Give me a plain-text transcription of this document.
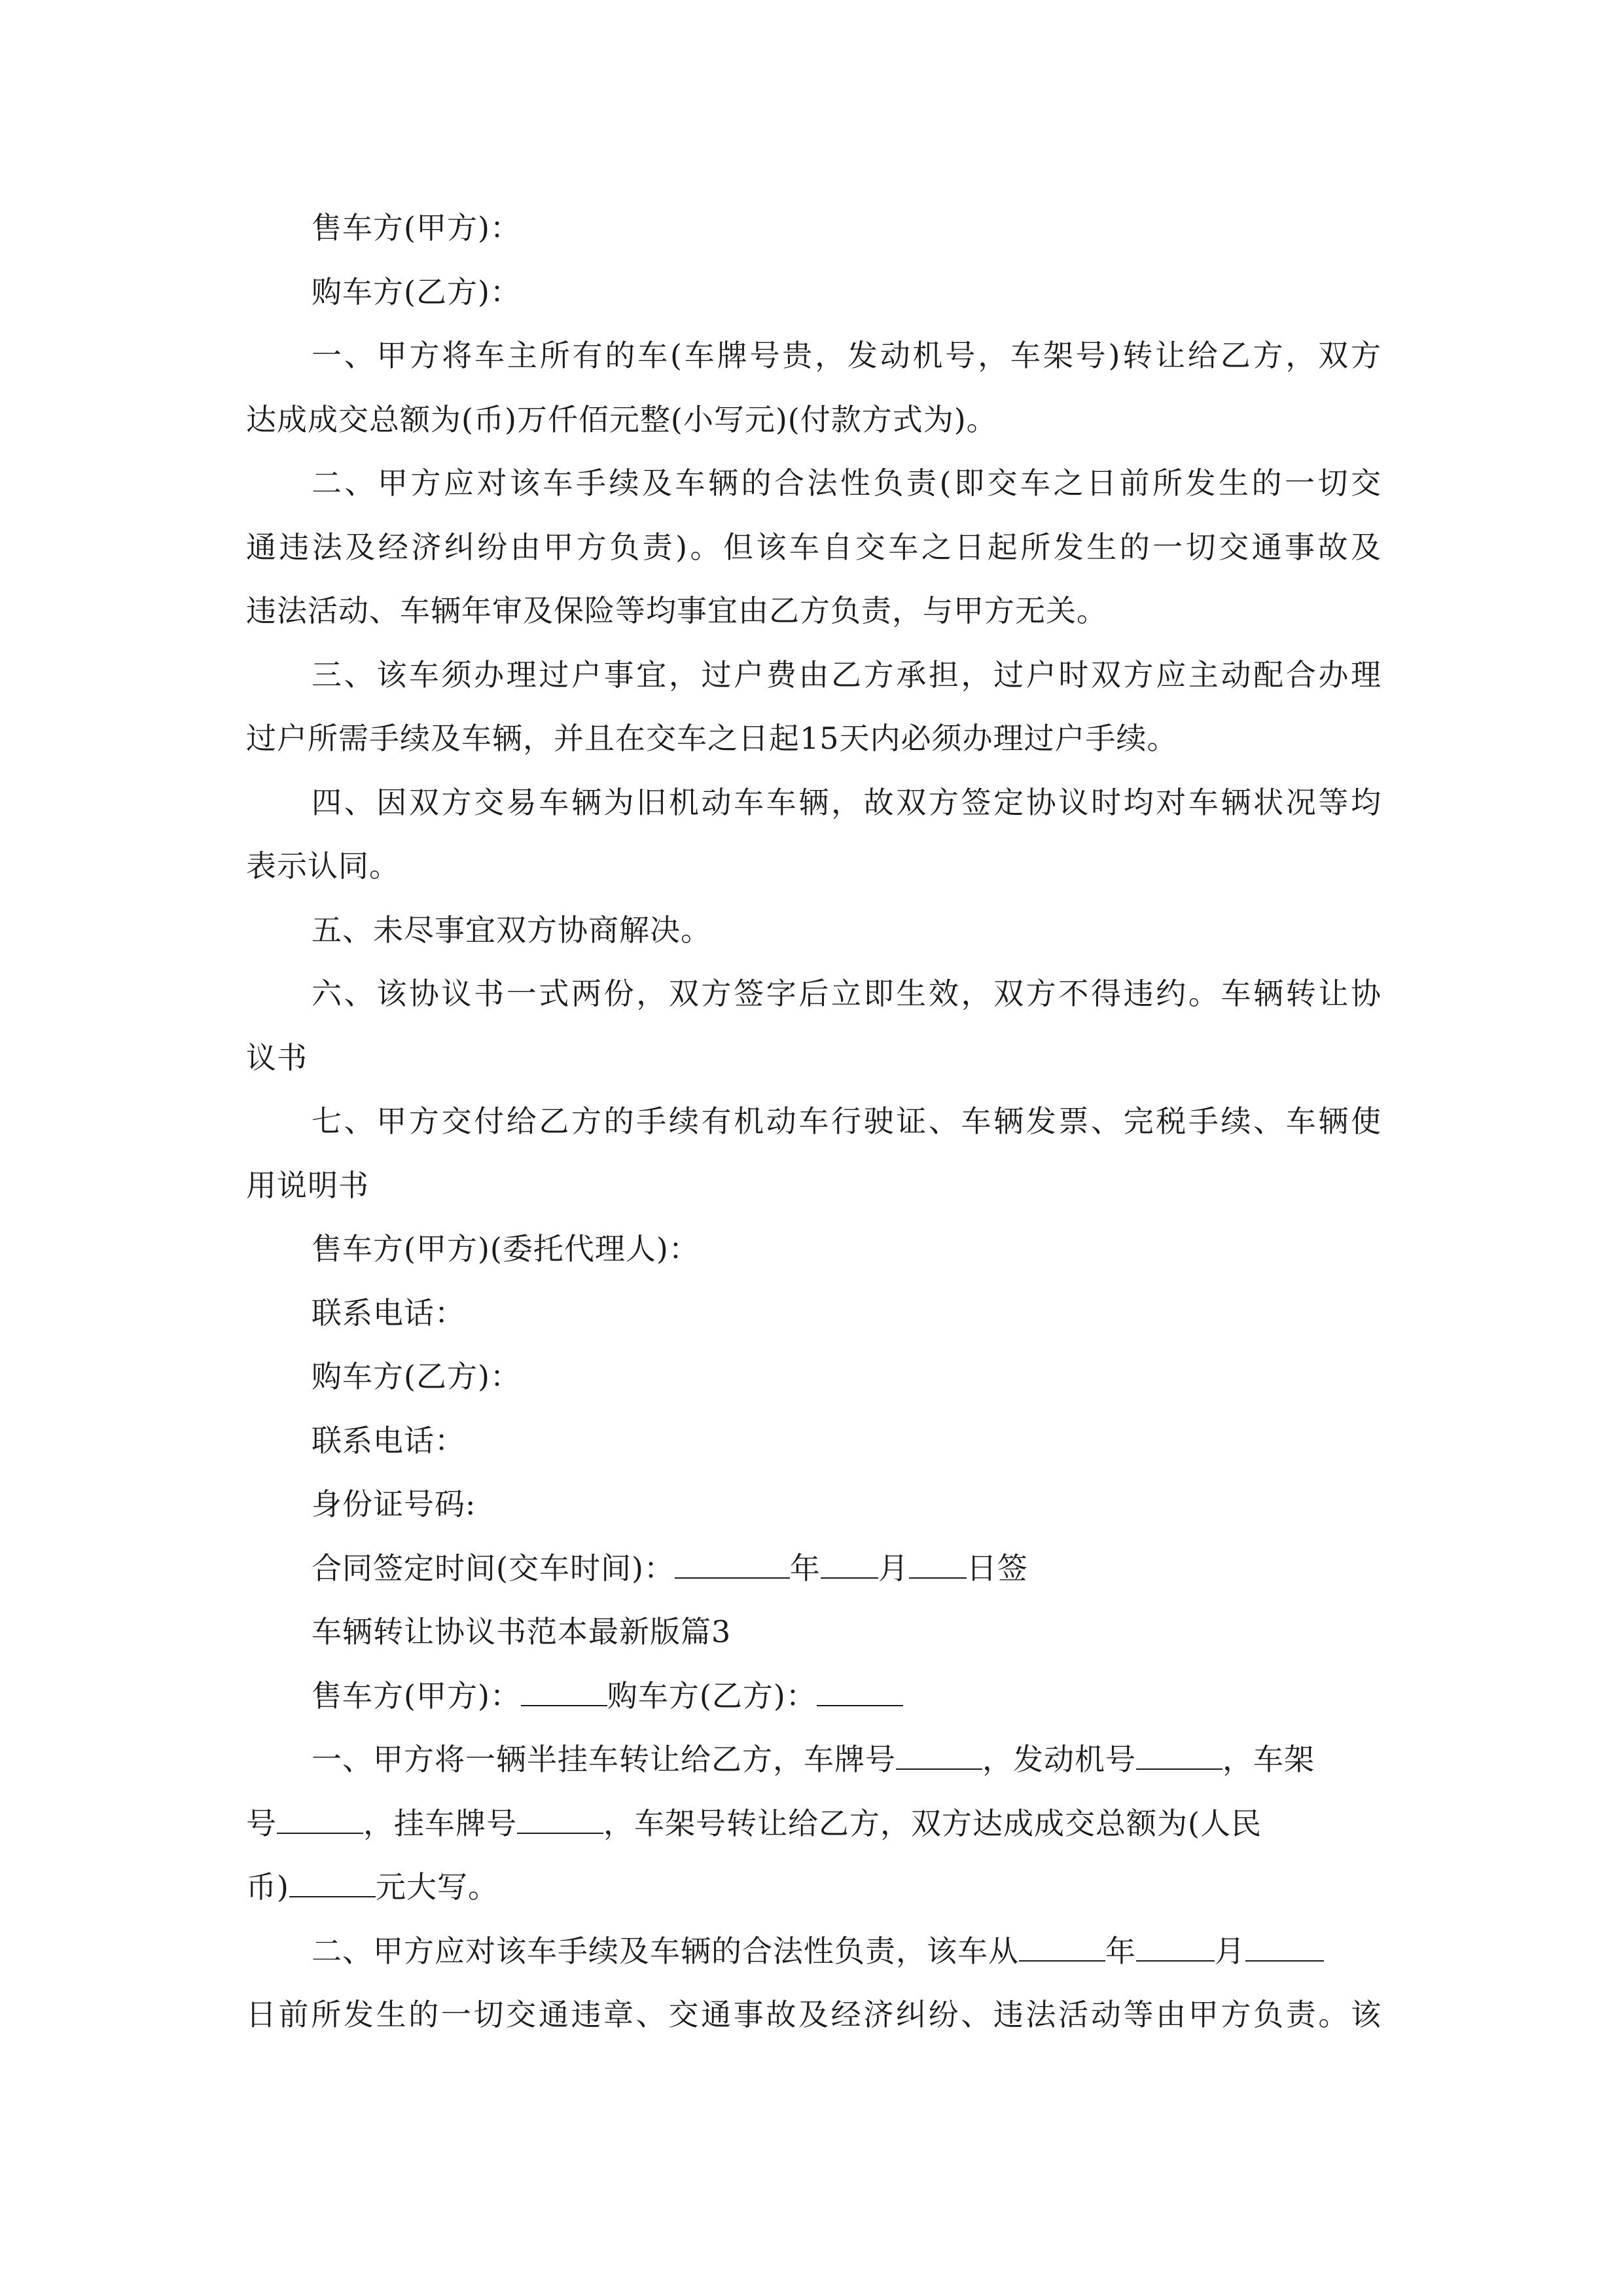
售车方(甲方)：
购车方(乙方)：
一、甲方将车主所有的车(车牌号贵，发动机号，车架号)转让给乙方，双方
达成成交总额为(币)万仟佰元整(小写元)(付款方式为)。
二、甲方应对该车手续及车辆的合法性负责(即交车之日前所发生的一切交
通违法及经济纠纷由甲方负责)。但该车自交车之日起所发生的一切交通事故及
违法活动、车辆年审及保险等均事宜由乙方负责，与甲方无关。
三、该车须办理过户事宜，过户费由乙方承担，过户时双方应主动配合办理
过户所需手续及车辆，并且在交车之日起15天内必须办理过户手续。
四、因双方交易车辆为旧机动车车辆，故双方签定协议时均对车辆状况等均
表示认同。
五、未尽事宜双方协商解决。
六、该协议书一式两份，双方签字后立即生效，双方不得违约。车辆转让协
议书
七、甲方交付给乙方的手续有机动车行驶证、车辆发票、完税手续、车辆使
用说明书
售车方(甲方)(委托代理人)：
联系电话：
购车方(乙方)：
联系电话：
身份证号码:
合同签定时间(交车时间)：	年 月 日签
车辆转让协议书范本最新版篇3
售车方(甲方)：	购车方(乙方)：
一、甲方将一辆半挂车转让给乙方，车牌号	，发动机号	，车架
号	，挂车牌号	，车架号转让给乙方，双方达成成交总额为(人民
币)	元大写。
二、甲方应对该车手续及车辆的合法性负责，该车从	年	月
日前所发生的一切交通违章、交通事故及经济纠纷、违法活动等由甲方负责。该
